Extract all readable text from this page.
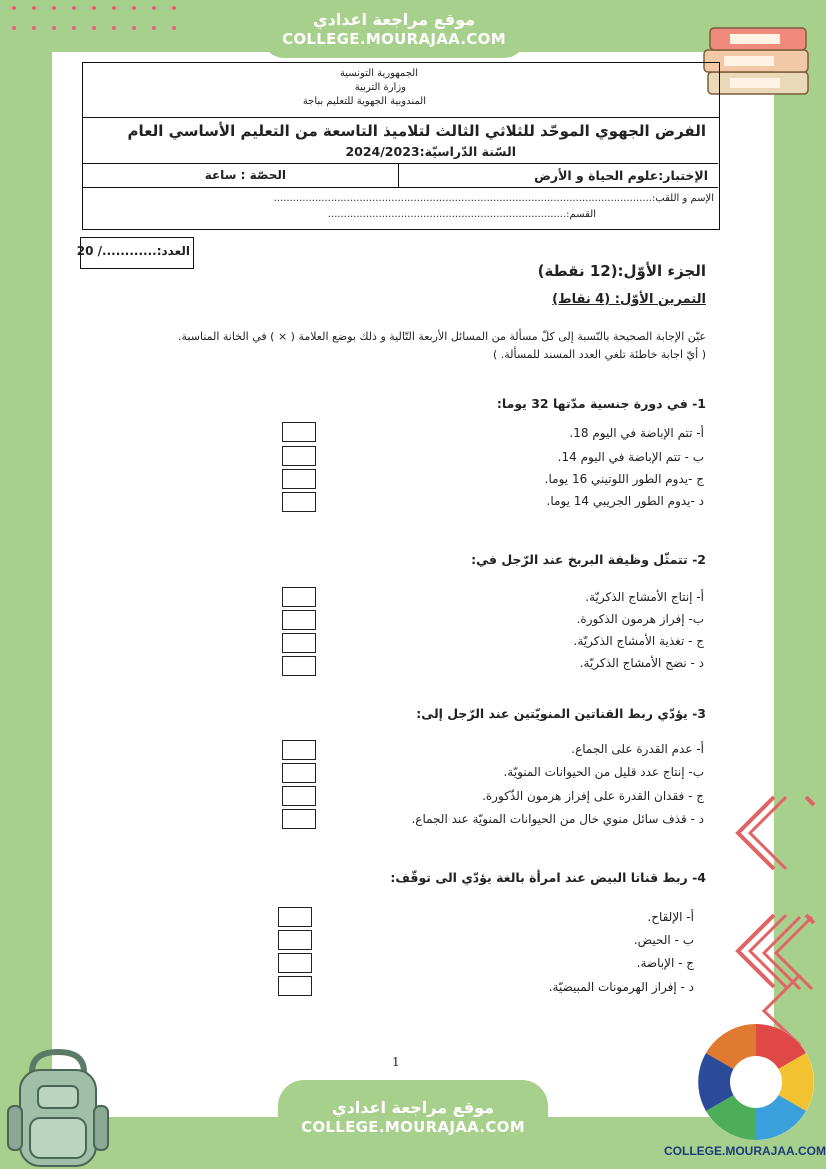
موقع مراجعة اعدادي
COLLEGE.MOURAJAA.COM
الجمهورية التونسية
وزارة التربية
المندوبية الجهوية للتعليم بباجة
الفرض الجهوي الموحّد للثلاثي الثالث لتلاميذ التاسعة من التعليم الأساسي العام
السّنة الدّراسيّة:2024/2023
الإختبار:علوم الحياة و الأرض
الحصّة : ساعة
الإسم و اللقب:.......................................................................................................................
القسم:...........................................................................
العدد:............/ 20
الجزء الأوّل:(12 نقطة)
التمرين الأوّل: (4 نقاط)
عيّن الإجابة الصحيحة بالنّسبة إلى كلّ مسألة من المسائل الأربعة التّالية و ذلك بوضع العلامة ( × ) في الخانة المناسبة.
( أيّ اجابة خاطئة تلغي العدد المسند للمسألة. )
1- في دورة جنسية مدّتها 32 يوما:
أ- تتم الإباضة في اليوم 18.
ب - تتم الإباضة في اليوم 14.
ج -يدوم الطور اللوتيني 16 يوما.
د -يدوم الطور الجريبي 14 يوما.
2- تتمثّل وظيفة البربخ عند الرّجل في:
أ- إنتاج الأمشاج الذكريّة.
ب- إفراز هرمون الذكورة.
ج - تغذية الأمشاج الذكريّة.
د - نضج الأمشاج الذكريّة.
3- يؤدّي ربط القناتين المنويّتين عند الرّجل إلى:
أ- عدم القدرة على الجماع.
ب- إنتاج عدد قليل من الحيوانات المنويّة.
ج - فقدان القدرة على إفراز هرمون الذّكورة.
د - قذف سائل منوي خال من الحيوانات المنويّة عند الجماع.
4- ربط قناتا البيض عند امرأة بالغة يؤدّي الى توقّف:
أ- الإلقاح.
ب - الحيض.
ج - الإباضة.
د - إفراز الهرمونات المبيضيّة.
1
موقع مراجعة اعدادي
COLLEGE.MOURAJAA.COM
COLLEGE.MOURAJAA.COM
